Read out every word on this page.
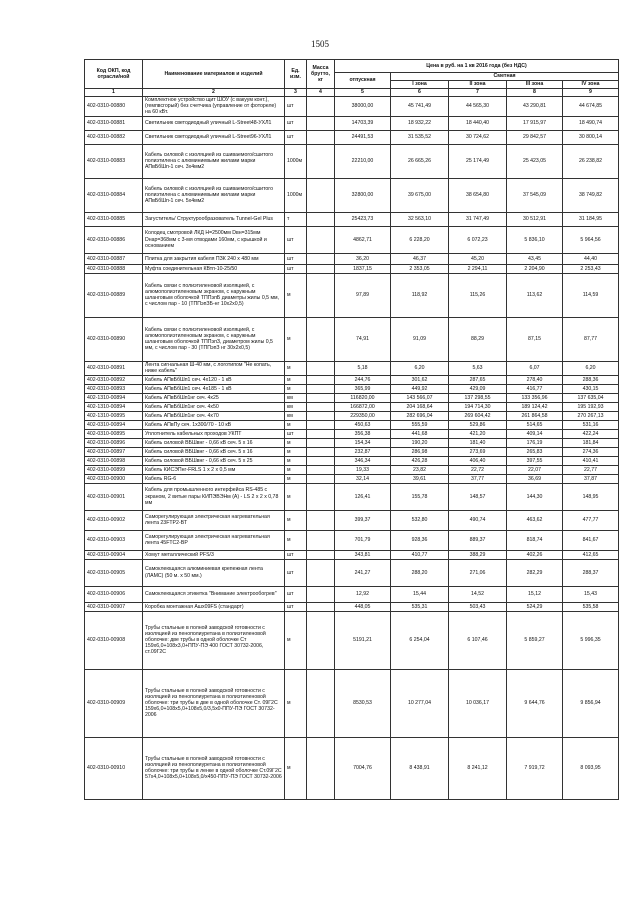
1505
Код ОКП, код отрасли/ной	Наименование материалов и изделий	Ед. изм.	Масса брутто, кг	Цена в руб. на 1 кв 2016 года (без НДС)				
				отпускная	Сметная			
					I зона	II зона	III зона	IV зона
1	2	3	4	5	6	7	8	9
402-0310-00880	Комплектное устройство щит ШОУ (с вакуум конт.), (гемпвсгорый) без счетчика (управление от фотореле) на 60 кВт.	шт		38000,00	45 741,49	44 565,30	43 290,81	44 674,85
402-0310-00881	Светильник светодиодный уличный L-Street48-УХЛ1	шт		14703,39	18 932,22	18 440,40	17 915,97	18 490,74
402-0310-00882	Светильник светодиодный уличный L-Street96-УХЛ1	шт		24491,53	31 535,52	30 724,62	29 842,57	30 800,14
402-0310-00883	Кабель силовой с изоляцией из сшиваемого/сшитого полиэтилена с алюминиевыми жилами марки АПвБбШп-1 сеч. 3х4мм2	1000м		22210,00	26 665,26	25 174,49	25 423,05	26 238,82
402-0310-00884	Кабель силовой с изоляцией из сшиваемого/сшитого полиэтилена с алюминиевыми жилами марки АПвБбШп-1 сеч. 5х4мм2	1000м		32800,00	39 675,00	38 654,80	37 545,09	38 749,82
402-0310-00885	Загуститель/ Структурообразователь Tunnel-Gel Plus	т		25423,73	32 563,10	31 747,49	30 512,91	31 184,95
402-0310-00886	Колодец смотровой ЛКД Н=2500мм Dвн=315мм Dнар=368мм с 3-мя отводами 160мм, с крышкой и основанием	шт		4862,71	6 228,20	6 072,23	5 836,10	5 964,56
402-0310-00887	Плитка для закрытия кабеля ПЗК 240 х 480 мм	шт		36,20	46,37	45,20	43,45	44,40
402-0310-00888	Муфта соединительная КВтп-10-25/50	шт		1837,15	2 353,05	2 294,11	2 204,90	2 253,43
402-0310-00889	Кабель связи с полиэтиленовой изоляцией, с алюмополиэтиленовым экраном, с наружным шланговым оболочкой ТППэпБ диаметры жилы 0,5 мм, с числом пар - 10 (ТППэпЗБ-нг 10х2х0,5)	м		97,89	118,92	115,26	113,62	114,59
402-0310-00890	Кабель связи с полиэтиленовой изоляцией, с алюмополиэтиленовым экраном, с наружным шланговым оболочкой ТППэпЗ, диаметром жилы 0,5 мм, с числом пар - 30 (ТППэпЗ нг 30х2х0,5)	м		74,91	91,09	88,29	87,15	87,77
402-0310-00891	Лента сигнальная Ш-40 мм, с логотипом "Не копать, ниже кабель"	м		5,18	6,20	5,63	6,07	6,20
402-0310-00892	Кабель АПвБбШп1 сеч. 4х120 - 1 кВ	м		244,76	301,62	287,65	278,40	288,36
402-0310-00893	Кабель АПвБбШп1 сеч. 4х185 - 1 кВ	м		365,99	449,92	429,09	416,77	430,15
402-1310-00894	Кабель АПвБбШп1нг сеч. 4х25	км		116820,00	143 566,07	137 298,55	133 356,96	137 635,04
402-1310-00894	Кабель АПвБбШп1нг сеч. 4х50	км		166872,00	204 168,64	194 714,30	189 124,42	195 192,93
402-1310-00895	Кабель АПвБбШп1нг сеч. 4х70	км		229350,00	282 696,04	269 604,42	261 864,58	270 267,13
402-0310-00894	Кабель АПвПу сеч. 1х300/70 - 10 кВ	м		450,63	555,59	529,86	514,65	531,16
402-0310-00895	Уплотнитель кабельных проходов УКПТ	шт		356,38	441,68	421,20	409,14	422,24
402-0310-00896	Кабель силовой ВБШвнг - 0,66 кВ сеч. 5 х 16	м		154,34	190,20	181,40	176,19	181,84
402-0310-00897	Кабель силовой ВБШвнг - 0,66 кВ сеч. 5 х 16	м		232,87	286,98	273,69	265,83	274,36
402-0310-00898	Кабель силовой ВБШвнг - 0,66 кВ сеч. 5 х 25	м		346,34	426,28	406,40	397,55	410,41
402-0310-00899	Кабель КИСЭПнг-FRLS 1 х 2 х 0,5 мм	м		19,33	23,82	22,72	22,07	22,77
402-0310-00900	Кабель RG-6	м		32,14	39,61	37,77	36,69	37,87
402-0310-00901	Кабель для промышленного интерфейса RS-485 с экраном, 2 витые пары КИПЭВЭНм (А) - LS 2 х 2 х 0,78 мм	м		126,41	155,78	148,57	144,30	148,95
402-0310-00902	Саморегулирующая электрическая нагревательная лента 23FTP2-BT	м		399,37	532,80	490,74	463,62	477,77
402-0310-00903	Саморегулирующая электрическая нагревательная лента 45FTC2-BP	м		701,79	928,36	889,37	818,74	841,67
402-0310-00904	Хомут металлический PFS/3	шт		343,81	410,77	388,29	402,26	412,65
402-0310-00905	Самоклеющаяся алюминиевая крепежная лента (ЛАМС) (50 м. х 50 мм.)	шт		241,27	288,20	271,06	282,29	288,37
402-0310-00906	Самоклеющаяся этикетка "Внимание электрообогрев"	шт		12,92	15,44	14,52	15,12	15,43
402-0310-00907	Коробка монтажная Ашх09FS (стандарт)	шт		448,05	535,31	503,43	524,29	535,58
402-0310-00908	Трубы стальные в полной заводской готовности с изоляцией из пенополиуретана в полиэтиленовой оболочке: две трубы в одной оболочке Ст 159х6,0+108х3,0+ППУ-ПЭ 400 ГОСТ 30732-2006, ст.09Г2С	м		5191,21	6 254,04	6 107,46	5 859,27	5 996,35
402-0310-00909	Трубы стальные в полной заводской готовности с изоляцией из пенополиуретана в полиэтиленовой оболочке: три трубы в две в одной оболочке Ст. 09Г2С 159х6,0+108х5,0+108х5,0/3,5х0-ППУ-ПЭ ГОСТ 30732-2006	м		8530,53	10 277,04	10 036,17	9 644,76	9 856,94
402-0310-00910	Трубы стальные в полной заводской готовности с изоляцией из пенополиуретана в полиэтиленовой оболочке: три трубы в ленке в одной оболочке Ст.09Г2С 57х4,0+108х5,0+108х5,0/х450-ППУ-ПЭ ГОСТ 30732-2006	м		7004,76	8 438,91	8 241,12	7 919,72	8 093,95
